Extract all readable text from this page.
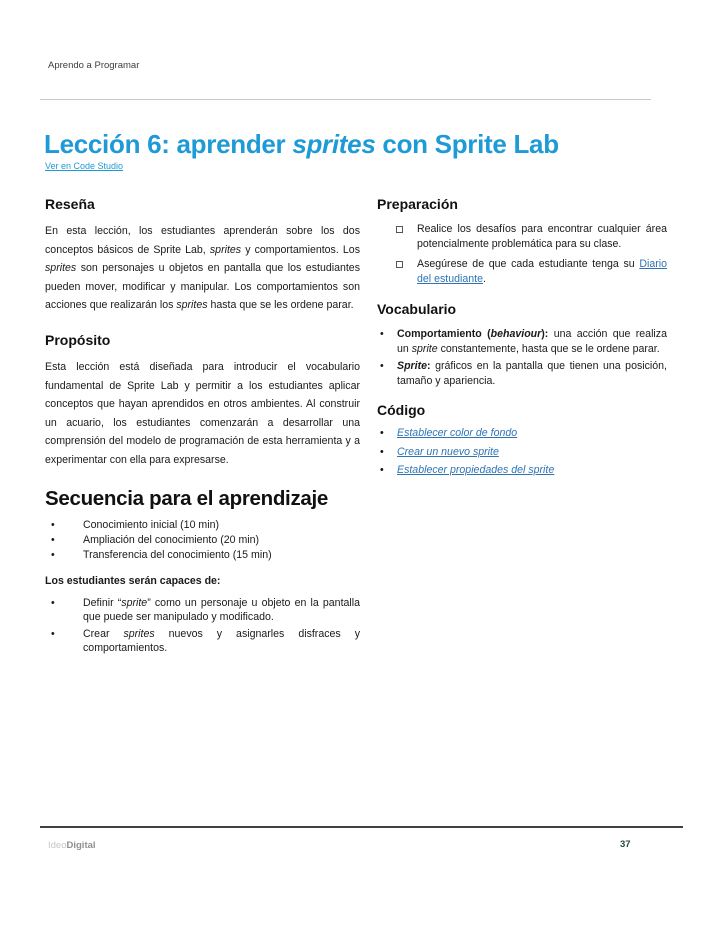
Aprendo a Programar
Lección 6: aprender sprites con Sprite Lab
Ver en Code Studio
Reseña

En esta lección, los estudiantes aprenderán sobre los dos conceptos básicos de Sprite Lab, sprites y comportamientos. Los sprites son personajes u objetos en pantalla que los estudiantes pueden mover, modificar y manipular. Los comportamientos son acciones que realizarán los sprites hasta que se les ordene parar.

Propósito

Esta lección está diseñada para introducir el vocabulario fundamental de Sprite Lab y permitir a los estudiantes aplicar conceptos que hayan aprendidos en otros ambientes. Al construir un acuario, los estudiantes comenzarán a desarrollar una comprensión del modelo de programación de esta herramienta y a experimentar con ella para expresarse.

Secuencia para el aprendizaje
• Conocimiento inicial (10 min)
• Ampliación del conocimiento (20 min)
• Transferencia del conocimiento (15 min)
Los estudiantes serán capaces de:
• Definir “sprite” como un personaje u objeto en la pantalla que puede ser manipulado y modificado.
• Crear sprites nuevos y asignarles disfraces y comportamientos.
Preparación
Realice los desafíos para encontrar cualquier área potencialmente problemática para su clase.
Asegúrese de que cada estudiante tenga su Diario del estudiante.
Vocabulario
• Comportamiento (behaviour): una acción que realiza un sprite constantemente, hasta que se le ordene parar.
• Sprite: gráficos en la pantalla que tienen una posición, tamaño y apariencia.
Código
• Establecer color de fondo
• Crear un nuevo sprite
• Establecer propiedades del sprite
IdeoDigital	37
